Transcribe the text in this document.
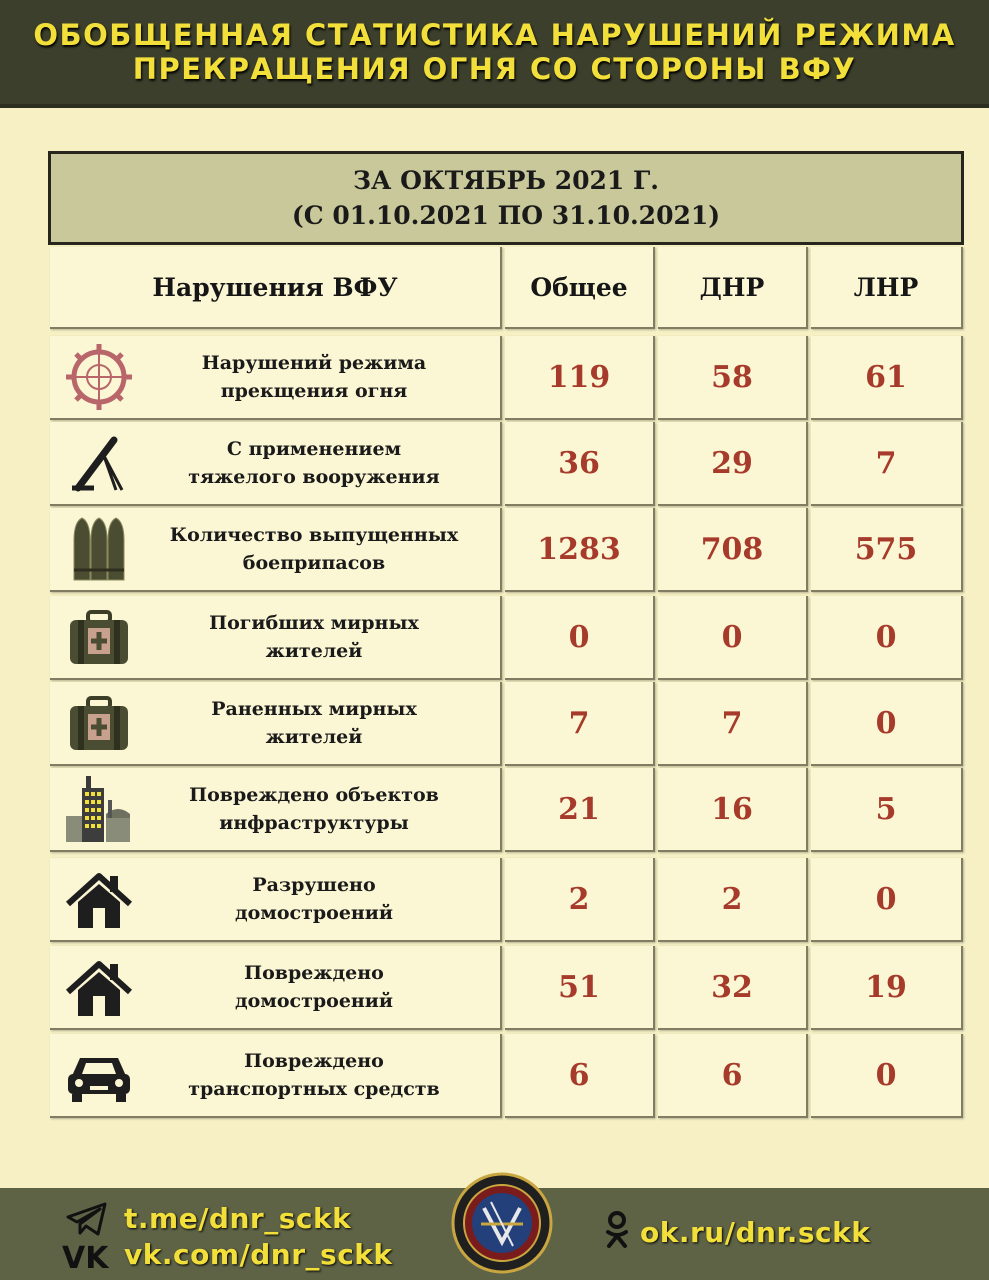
ОБОБЩЕННАЯ СТАТИСТИКА НАРУШЕНИЙ РЕЖИМА
ПРЕКРАЩЕНИЯ ОГНЯ СО СТОРОНЫ ВФУ
ЗА ОКТЯБРЬ 2021 Г.
(С 01.10.2021 ПО 31.10.2021)
Нарушения ВФУ	Общее	ДНР	ЛНР
Нарушений режима
прекщения огня	119	58	61
С применением
тяжелого вооружения	36	29	7
Количество выпущенных
боеприпасов	1283	708	575
Погибших мирных
жителей	0	0	0
Раненных мирных
жителей	7	7	0
Повреждено объектов
инфраструктуры	21	16	5
Разрушено
домостроений	2	2	0
Повреждено
домостроений	51	32	19
Повреждено
транспортных средств	6	6	0
VK
t.me/dnr_sckk
vk.com/dnr_sckk
ok.ru/dnr.sckk
